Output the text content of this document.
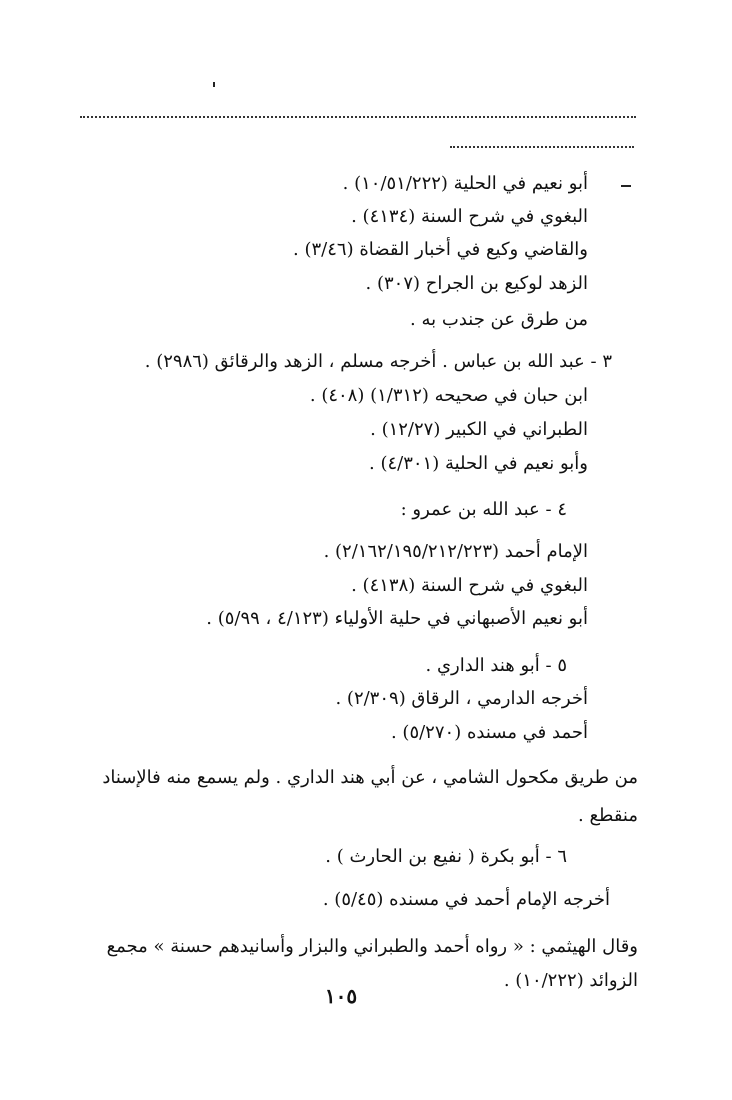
أبو نعيم في الحلية (١٠/٥١/٢٢٢) .
البغوي في شرح السنة (٤١٣٤) .
والقاضي وكيع في أخبار القضاة (٣/٤٦) .
الزهد لوكيع بن الجراح (٣٠٧) .
من طرق عن جندب به .
٣ - عبد الله بن عباس . أخرجه مسلم ، الزهد والرقائق (٢٩٨٦) .
ابن حبان في صحيحه (١/٣١٢) (٤٠٨) .
الطبراني في الكبير (١٢/٢٧) .
وأبو نعيم في الحلية (٤/٣٠١) .
٤ - عبد الله بن عمرو :
الإمام أحمد (٢/١٦٢/١٩٥/٢١٢/٢٢٣) .
البغوي في شرح السنة (٤١٣٨) .
أبو نعيم الأصبهاني في حلية الأولياء (٤/١٢٣ ، ٥/٩٩) .
٥ - أبو هند الداري .
أخرجه الدارمي ، الرقاق (٢/٣٠٩) .
أحمد في مسنده (٥/٢٧٠) .
من طريق مكحول الشامي ، عن أبي هند الداري . ولم يسمع منه فالإسناد
منقطع .
٦ - أبو بكرة ( نفيع بن الحارث ) .
أخرجه الإمام أحمد في مسنده (٥/٤٥) .
وقال الهيثمي : « رواه أحمد والطبراني والبزار وأسانيدهم حسنة » مجمع
الزوائد (١٠/٢٢٢) .
١٠٥
